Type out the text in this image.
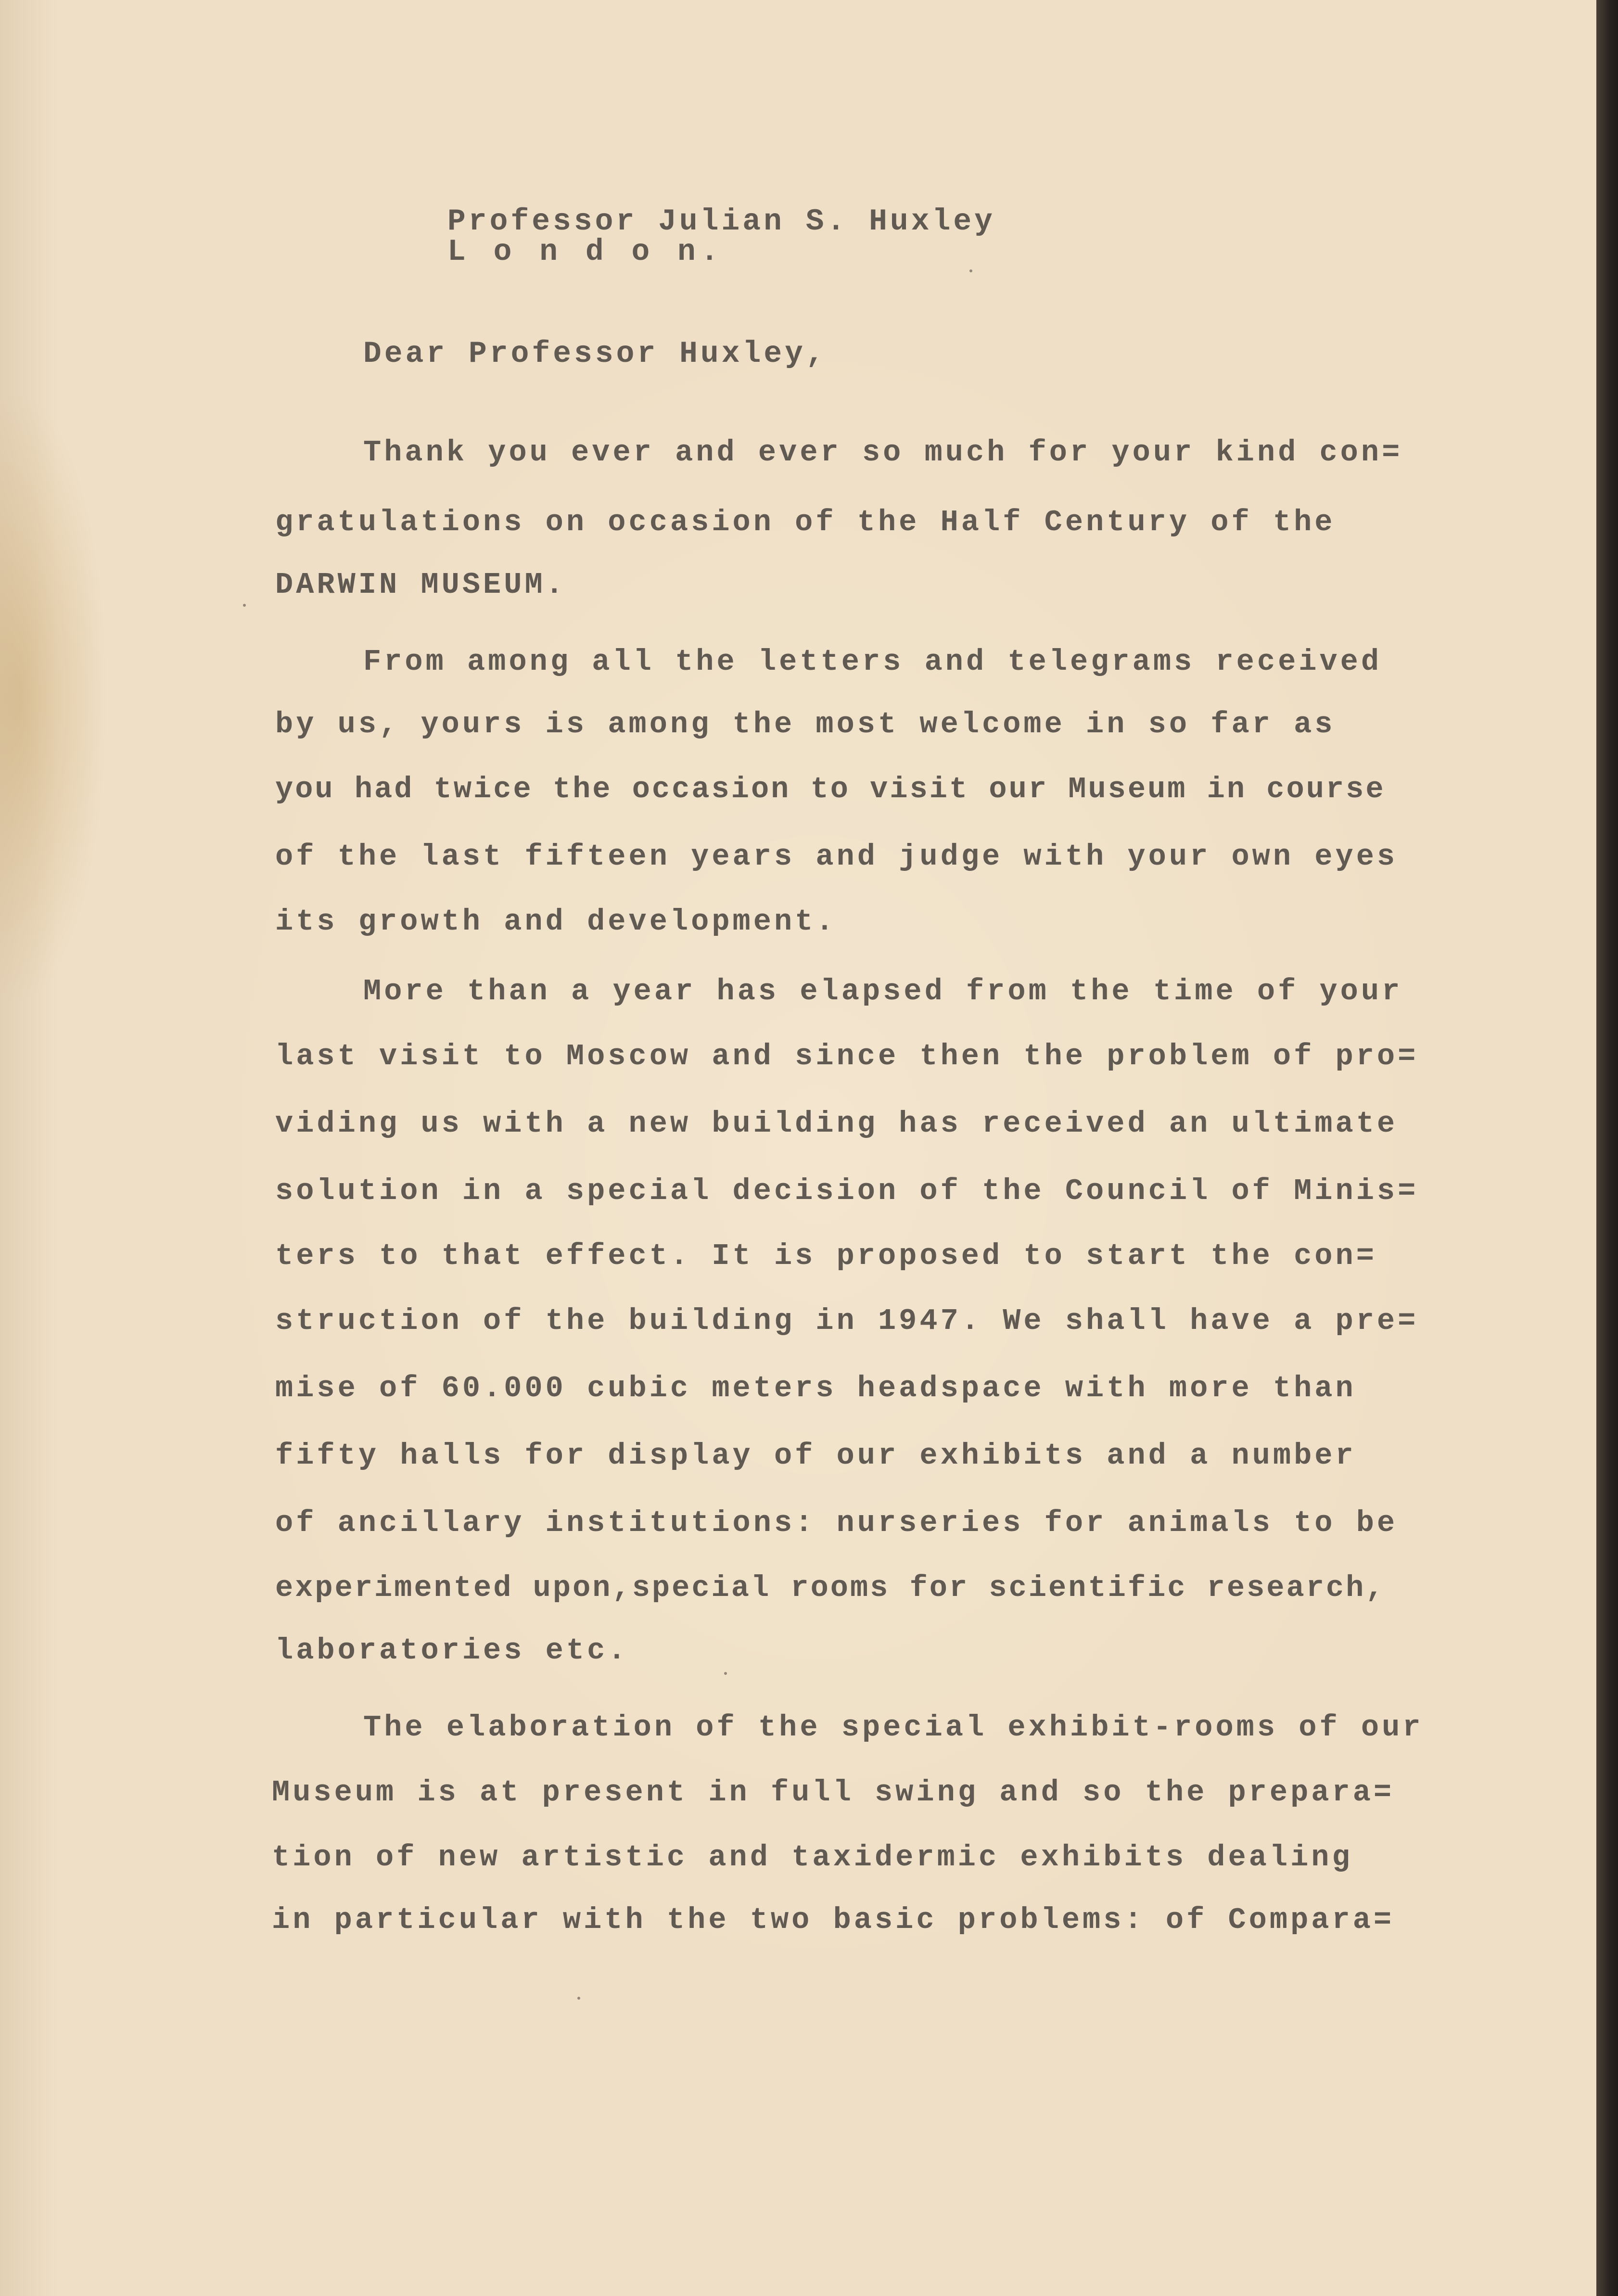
Professor Julian S. Huxley
L o n d o n.
Dear Professor Huxley,
Thank you ever and ever so much for your kind con=
gratulations on occasion of the Half Century of the
DARWIN MUSEUM.
From among all the letters and telegrams received
by us, yours is among the most welcome in so far as
you had twice the occasion to visit our Museum in course
of the last fifteen years and judge with your own eyes
its growth and development.
More than a year has elapsed from the time of your
last visit to Moscow and since then the problem of pro=
viding us with a new building has received an ultimate
solution in a special decision of the Council of Minis=
ters to that effect. It is proposed to start the con=
struction of the building in 1947. We shall have a pre=
mise of 60.000 cubic meters headspace with more than
fifty halls for display of our exhibits and a number
of ancillary institutions: nurseries for animals to be
experimented upon,special rooms for scientific research,
laboratories etc.
The elaboration of the special exhibit-rooms of our
Museum is at present in full swing and so the prepara=
tion of new artistic and taxidermic exhibits dealing
in particular with the two basic problems: of Compara=
